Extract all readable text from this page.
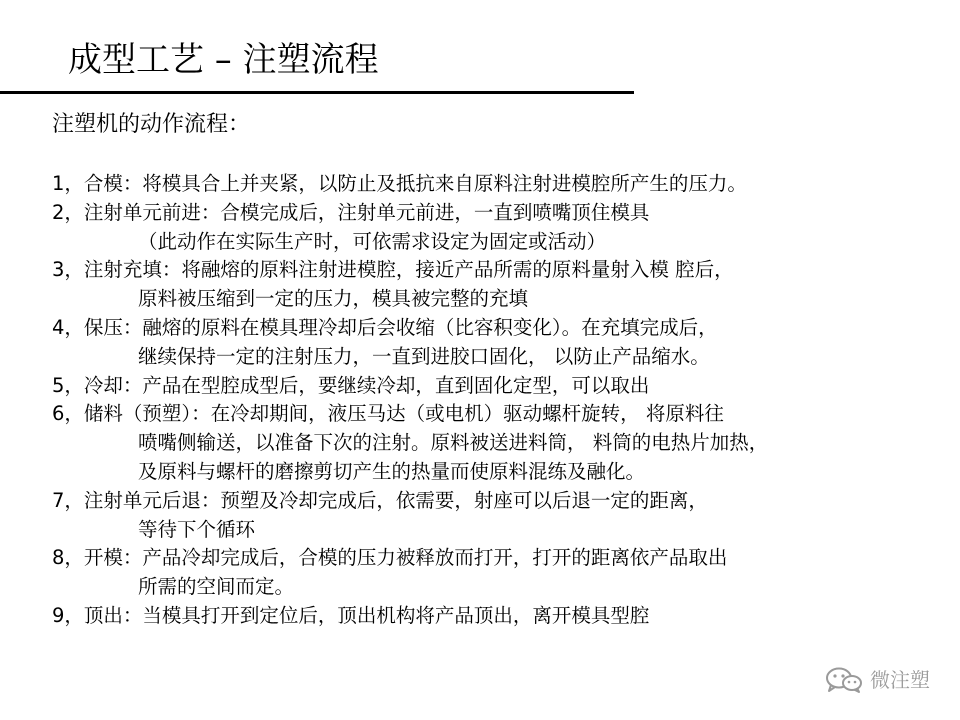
成型工艺 – 注塑流程
注塑机的动作流程：
1，合模：将模具合上并夹紧，以防止及抵抗来自原料注射进模腔所产生的压力。
2，注射单元前进：合模完成后，注射单元前进，一直到喷嘴顶住模具
（此动作在实际生产时，可依需求设定为固定或活动）
3，注射充填：将融熔的原料注射进模腔，接近产品所需的原料量射入模 腔后，
原料被压缩到一定的压力，模具被完整的充填
4，保压：融熔的原料在模具理冷却后会收缩（比容积变化）。在充填完成后，
继续保持一定的注射压力，一直到进胶口固化， 以防止产品缩水。
5，冷却：产品在型腔成型后，要继续冷却，直到固化定型，可以取出
6，储料（预塑）：在冷却期间，液压马达（或电机）驱动螺杆旋转， 将原料往
喷嘴侧输送，以准备下次的注射。原料被送进料筒， 料筒的电热片加热，
及原料与螺杆的磨擦剪切产生的热量而使原料混练及融化。
7，注射单元后退：预塑及冷却完成后，依需要，射座可以后退一定的距离，
等待下个循环
8，开模：产品冷却完成后，合模的压力被释放而打开，打开的距离依产品取出
所需的空间而定。
9，顶出：当模具打开到定位后，顶出机构将产品顶出，离开模具型腔
微注塑
